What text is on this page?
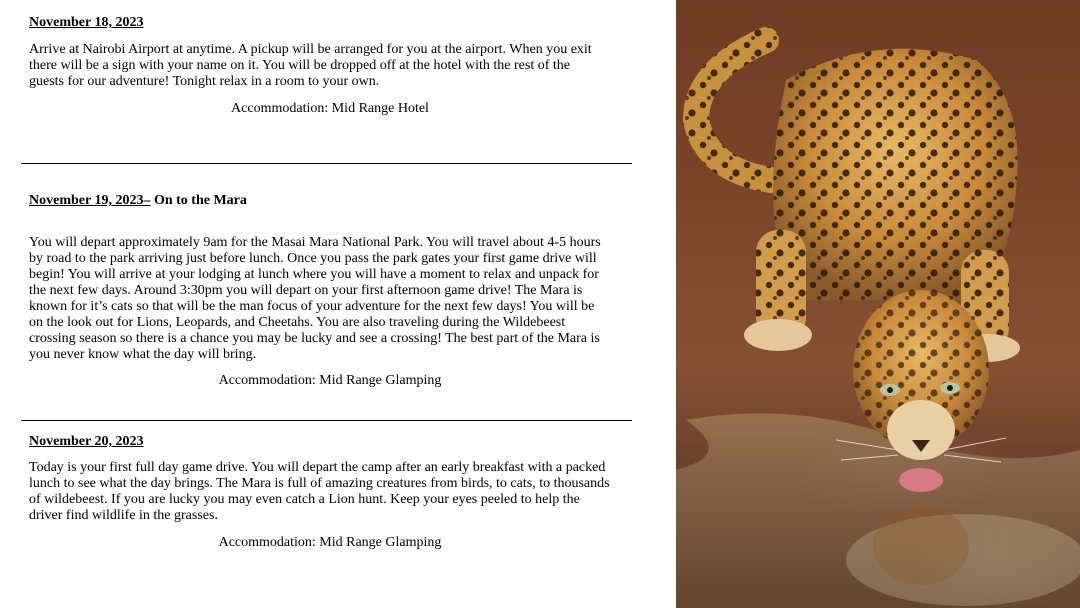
November 18, 2023

Arrive at Nairobi Airport at anytime. A pickup will be arranged for you at the airport. When you exit
there will be a sign with your name on it. You will be dropped off at the hotel with the rest of the
guests for our adventure! Tonight relax in a room to your own.

Accommodation: Mid Range Hotel

November 19, 2023– On to the Mara

You will depart approximately 9am for the Masai Mara National Park. You will travel about 4-5 hours
by road to the park arriving just before lunch. Once you pass the park gates your first game drive will
begin! You will arrive at your lodging at lunch where you will have a moment to relax and unpack for
the next few days. Around 3:30pm you will depart on your first afternoon game drive! The Mara is
known for it’s cats so that will be the man focus of your adventure for the next few days! You will be
on the look out for Lions, Leopards, and Cheetahs. You are also traveling during the Wildebeest
crossing season so there is a chance you may be lucky and see a crossing! The best part of the Mara is
you never know what the day will bring.

Accommodation: Mid Range Glamping

November 20, 2023

Today is your first full day game drive. You will depart the camp after an early breakfast with a packed
lunch to see what the day brings. The Mara is full of amazing creatures from birds, to cats, to thousands
of wildebeest. If you are lucky you may even catch a Lion hunt. Keep your eyes peeled to help the
driver find wildlife in the grasses.

Accommodation: Mid Range Glamping
